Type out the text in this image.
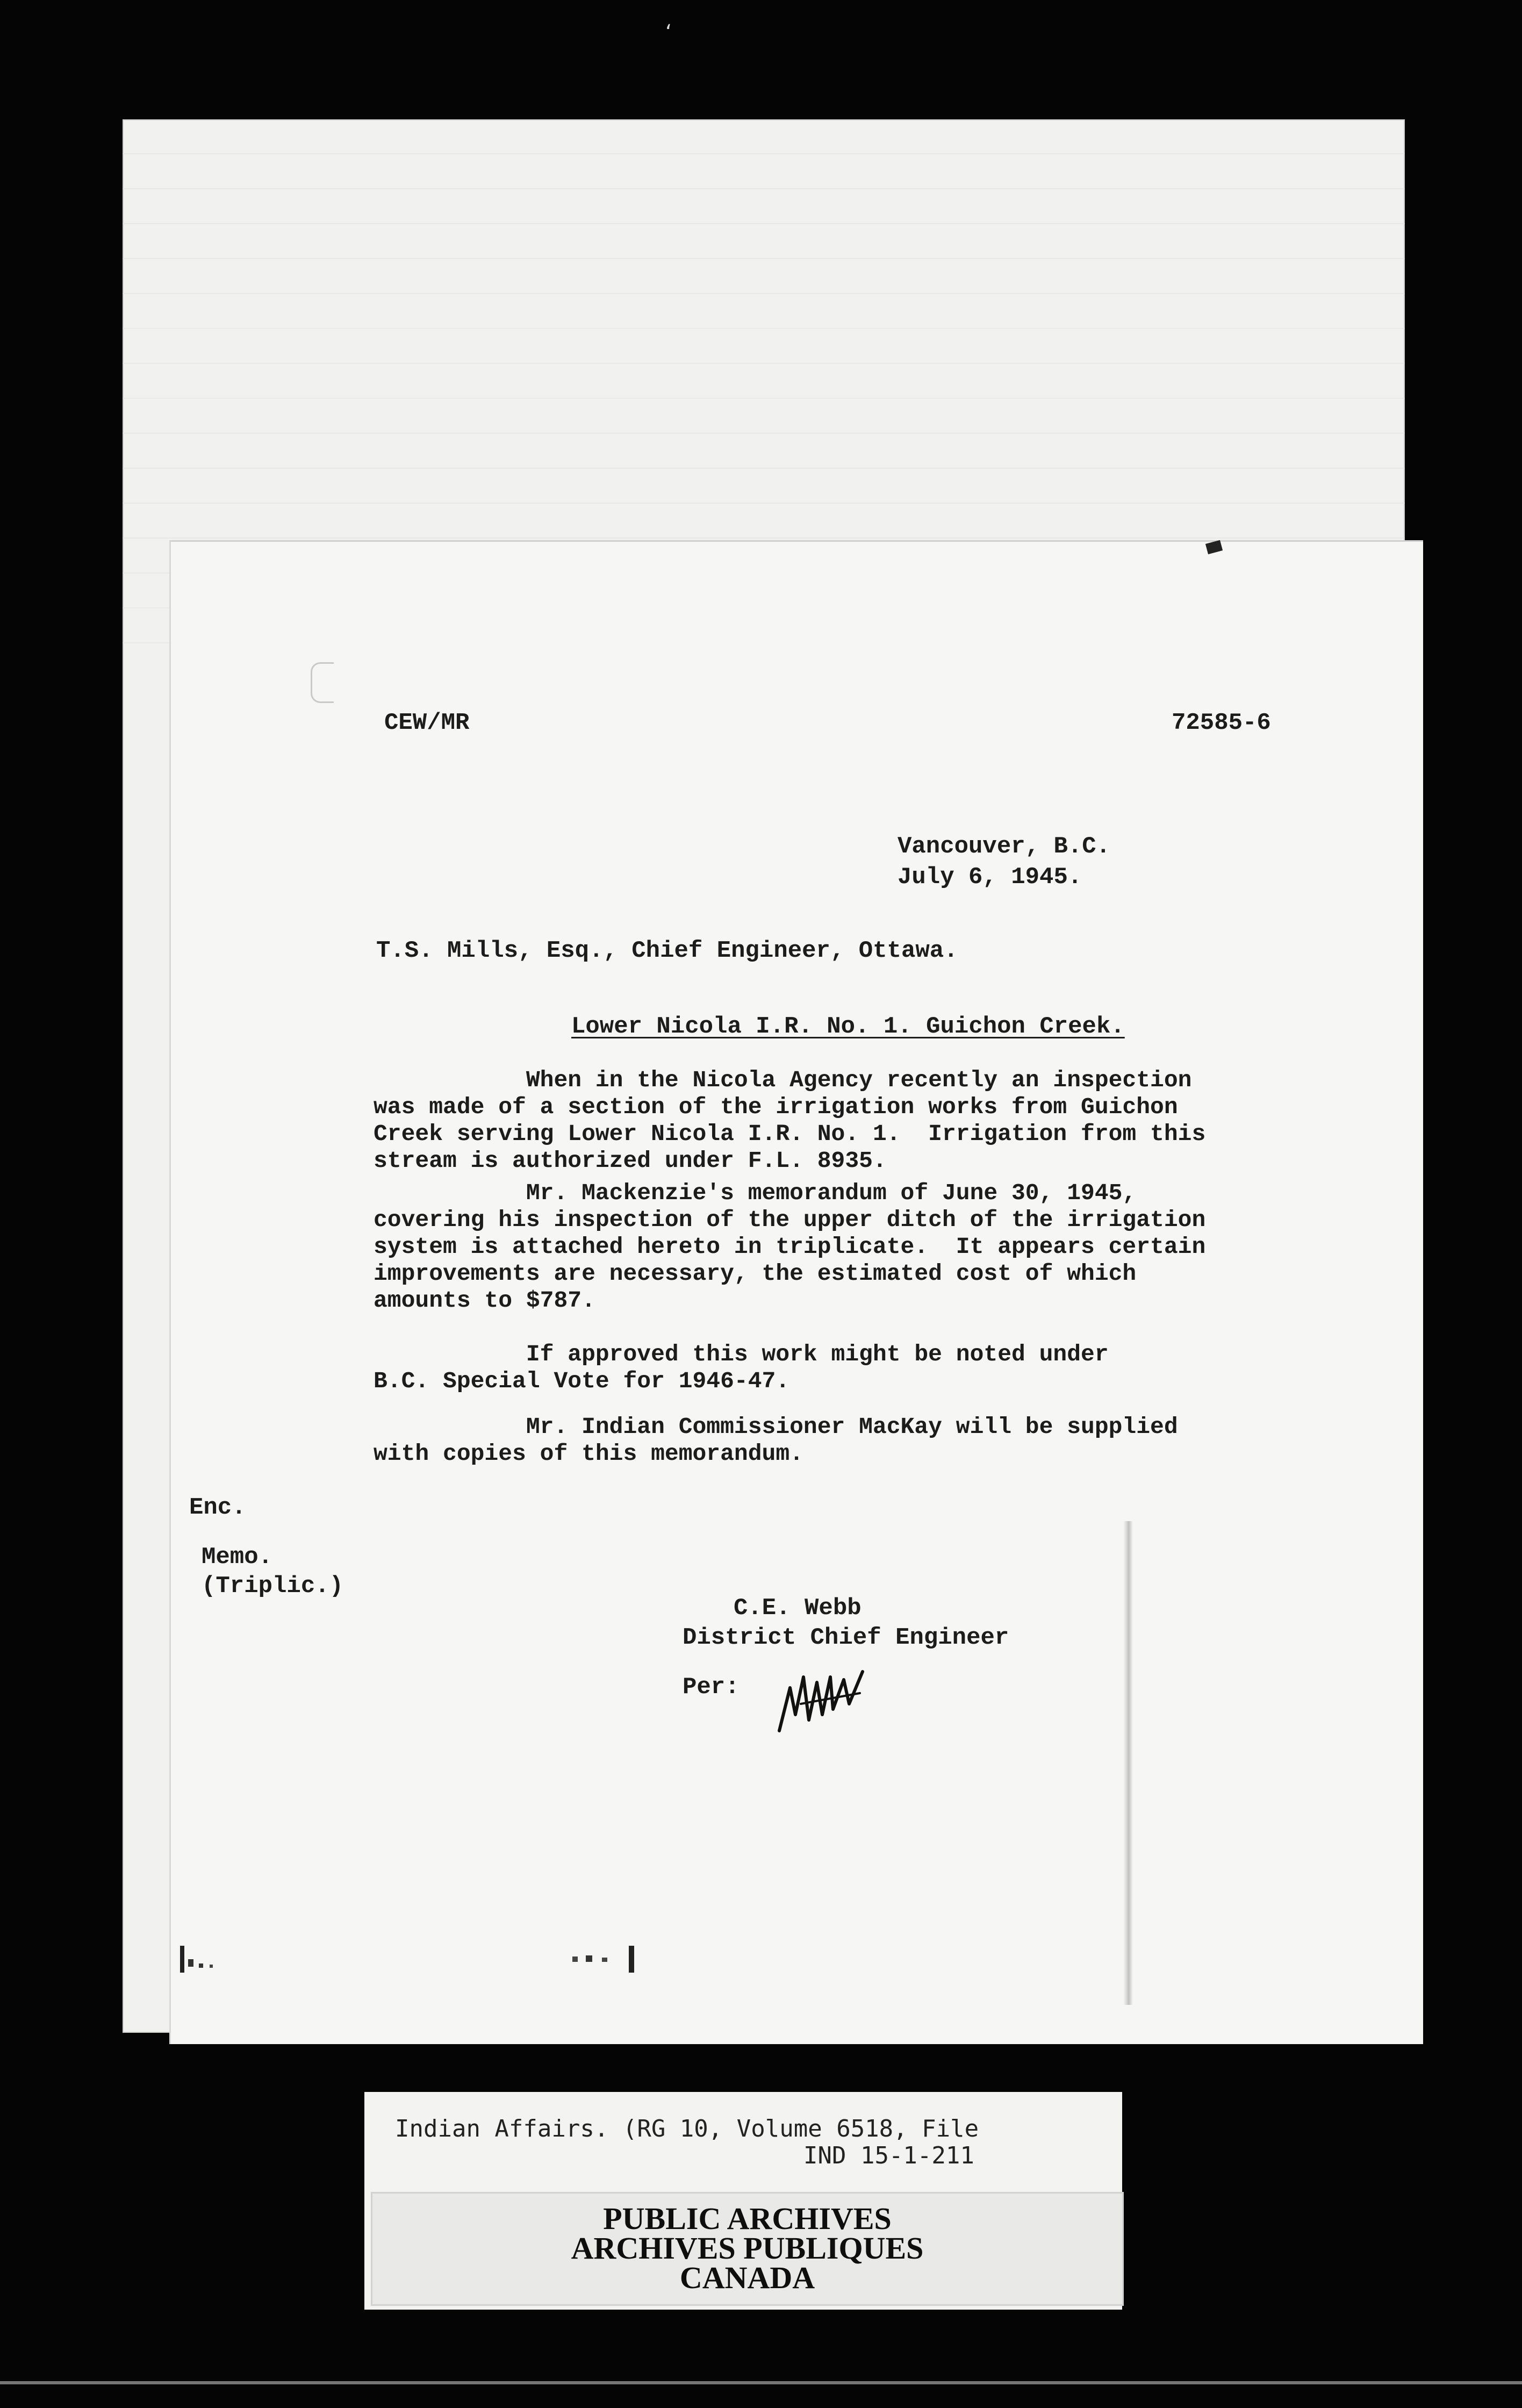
ʻ
CEW/MR	72585-6
Vancouver, B.C.
July 6, 1945.
T.S. Mills, Esq., Chief Engineer, Ottawa.
Lower Nicola I.R. No. 1. Guichon Creek.
When in the Nicola Agency recently an inspection
was made of a section of the irrigation works from Guichon
Creek serving Lower Nicola I.R. No. 1.  Irrigation from this
stream is authorized under F.L. 8935.
Mr. Mackenzie's memorandum of June 30, 1945,
covering his inspection of the upper ditch of the irrigation
system is attached hereto in triplicate.  It appears certain
improvements are necessary, the estimated cost of which
amounts to $787.
If approved this work might be noted under
B.C. Special Vote for 1946-47.
Mr. Indian Commissioner MacKay will be supplied
with copies of this memorandum.
Enc.
Memo.
(Triplic.)
C.E. Webb
District Chief Engineer
Per:
Indian Affairs. (RG 10, Volume 6518, File
IND 15-1-211
PUBLIC ARCHIVES
ARCHIVES PUBLIQUES
CANADA
